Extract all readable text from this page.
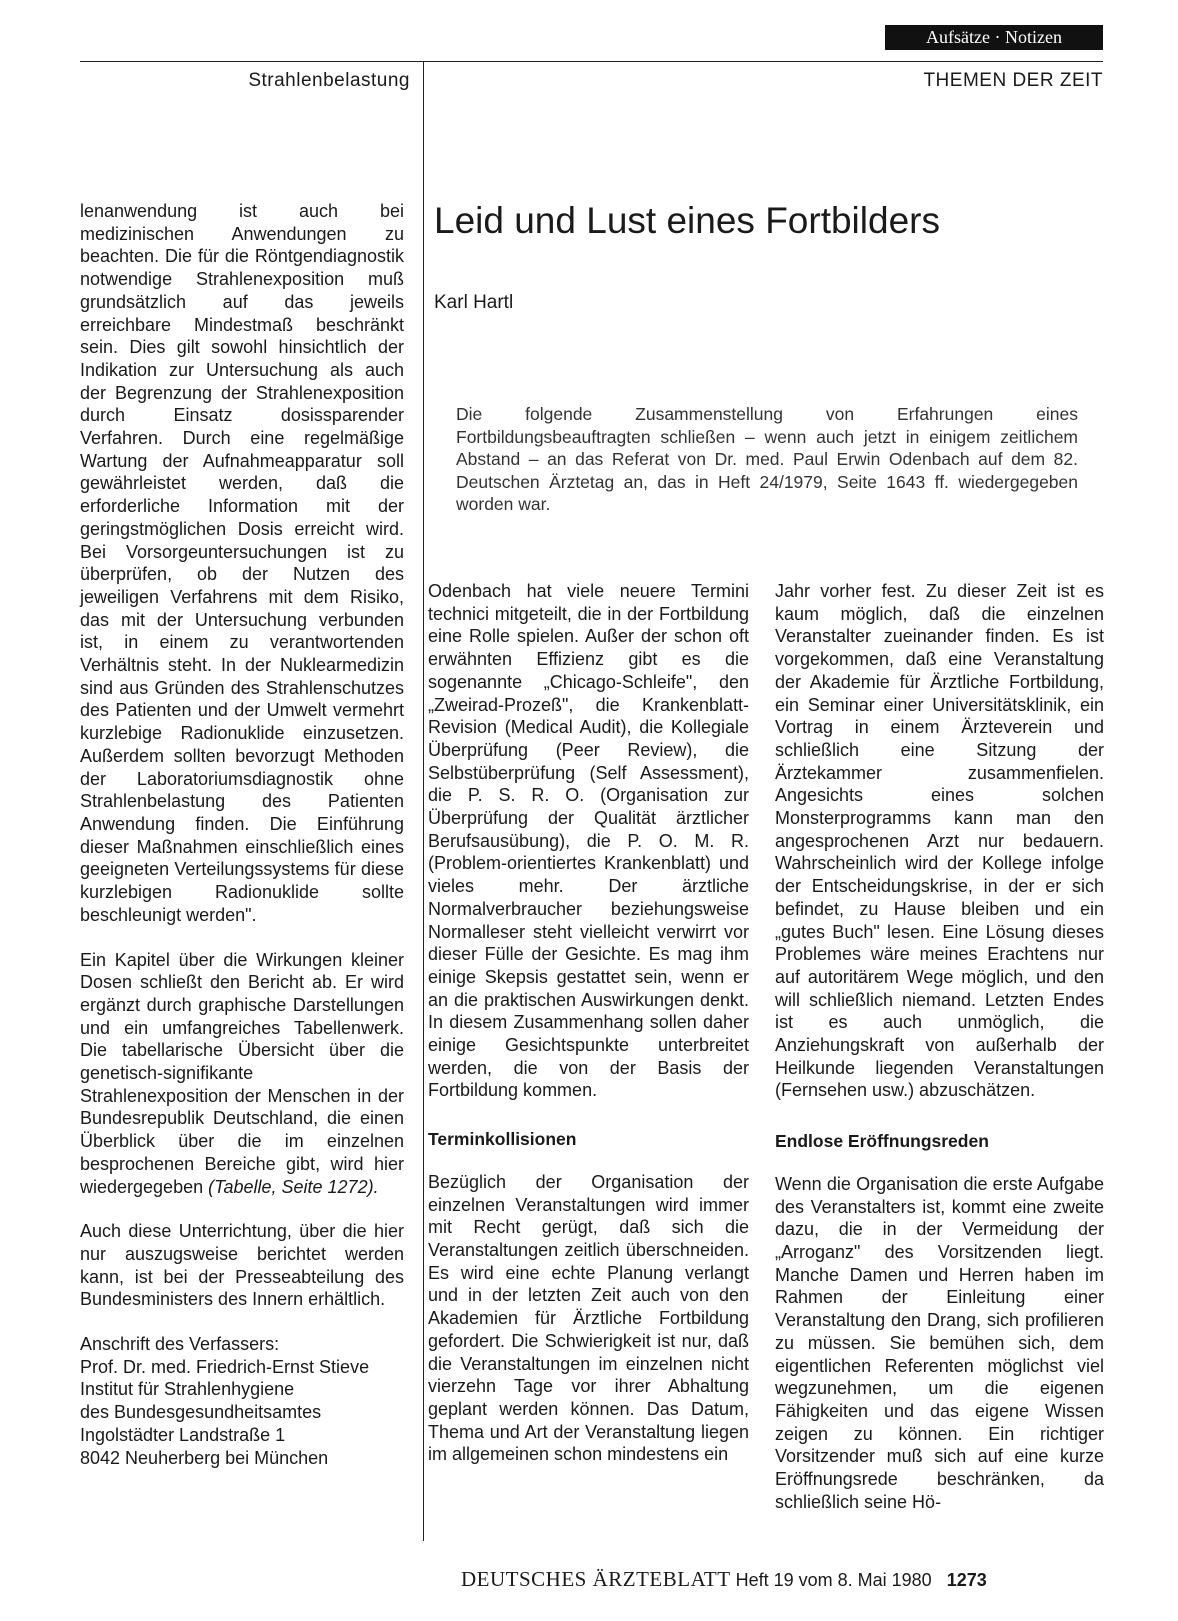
Aufsätze · Notizen
Strahlenbelastung	THEMEN DER ZEIT

lenanwendung ist auch bei medizinischen Anwendungen zu beachten. Die für die Röntgendiagnostik notwendige Strahlenexposition muß grundsätzlich auf das jeweils erreichbare Mindestmaß beschränkt sein. Dies gilt sowohl hinsichtlich der Indikation zur Untersuchung als auch der Begrenzung der Strahlenexposition durch Einsatz dosissparender Verfahren. Durch eine regelmäßige Wartung der Aufnahmeapparatur soll gewährleistet werden, daß die erforderliche Information mit der geringstmöglichen Dosis erreicht wird. Bei Vorsorgeuntersuchungen ist zu überprüfen, ob der Nutzen des jeweiligen Verfahrens mit dem Risiko, das mit der Untersuchung verbunden ist, in einem zu verantwortenden Verhältnis steht. In der Nuklearmedizin sind aus Gründen des Strahlenschutzes des Patienten und der Umwelt vermehrt kurzlebige Radionuklide einzusetzen. Außerdem sollten bevorzugt Methoden der Laboratoriumsdiagnostik ohne Strahlenbelastung des Patienten Anwendung finden. Die Einführung dieser Maßnahmen einschließlich eines geeigneten Verteilungssystems für diese kurzlebigen Radionuklide sollte beschleunigt werden".

Ein Kapitel über die Wirkungen kleiner Dosen schließt den Bericht ab. Er wird ergänzt durch graphische Darstellungen und ein umfangreiches Tabellenwerk. Die tabellarische Übersicht über die genetisch-signifikante Strahlenexposition der Menschen in der Bundesrepublik Deutschland, die einen Überblick über die im einzelnen besprochenen Bereiche gibt, wird hier wiedergegeben (Tabelle, Seite 1272).

Auch diese Unterrichtung, über die hier nur auszugsweise berichtet werden kann, ist bei der Presseabteilung des Bundesministers des Innern erhältlich.

Anschrift des Verfassers:
Prof. Dr. med. Friedrich-Ernst Stieve
Institut für Strahlenhygiene
des Bundesgesundheitsamtes
Ingolstädter Landstraße 1
8042 Neuherberg bei München
Leid und Lust eines Fortbilders
Karl Hartl
Die folgende Zusammenstellung von Erfahrungen eines Fortbildungsbeauftragten schließen – wenn auch jetzt in einigem zeitlichem Abstand – an das Referat von Dr. med. Paul Erwin Odenbach auf dem 82. Deutschen Ärztetag an, das in Heft 24/1979, Seite 1643 ff. wiedergegeben worden war.

Odenbach hat viele neuere Termini technici mitgeteilt, die in der Fortbildung eine Rolle spielen. Außer der schon oft erwähnten Effizienz gibt es die sogenannte „Chicago-Schleife", den „Zweirad-Prozeß", die Krankenblatt-Revision (Medical Audit), die Kollegiale Überprüfung (Peer Review), die Selbstüberprüfung (Self Assessment), die P. S. R. O. (Organisation zur Überprüfung der Qualität ärztlicher Berufsausübung), die P. O. M. R. (Problem-orientiertes Krankenblatt) und vieles mehr. Der ärztliche Normalverbraucher beziehungsweise Normalleser steht vielleicht verwirrt vor dieser Fülle der Gesichte. Es mag ihm einige Skepsis gestattet sein, wenn er an die praktischen Auswirkungen denkt. In diesem Zusammenhang sollen daher einige Gesichtspunkte unterbreitet werden, die von der Basis der Fortbildung kommen.

Terminkollisionen

Bezüglich der Organisation der einzelnen Veranstaltungen wird immer mit Recht gerügt, daß sich die Veranstaltungen zeitlich überschneiden. Es wird eine echte Planung verlangt und in der letzten Zeit auch von den Akademien für Ärztliche Fortbildung gefordert. Die Schwierigkeit ist nur, daß die Veranstaltungen im einzelnen nicht vierzehn Tage vor ihrer Abhaltung geplant werden können. Das Datum, Thema und Art der Veranstaltung liegen im allgemeinen schon mindestens ein

Jahr vorher fest. Zu dieser Zeit ist es kaum möglich, daß die einzelnen Veranstalter zueinander finden. Es ist vorgekommen, daß eine Veranstaltung der Akademie für Ärztliche Fortbildung, ein Seminar einer Universitätsklinik, ein Vortrag in einem Ärzteverein und schließlich eine Sitzung der Ärztekammer zusammenfielen. Angesichts eines solchen Monsterprogramms kann man den angesprochenen Arzt nur bedauern. Wahrscheinlich wird der Kollege infolge der Entscheidungskrise, in der er sich befindet, zu Hause bleiben und ein „gutes Buch" lesen. Eine Lösung dieses Problemes wäre meines Erachtens nur auf autoritärem Wege möglich, und den will schließlich niemand. Letzten Endes ist es auch unmöglich, die Anziehungskraft von außerhalb der Heilkunde liegenden Veranstaltungen (Fernsehen usw.) abzuschätzen.

Endlose Eröffnungsreden

Wenn die Organisation die erste Aufgabe des Veranstalters ist, kommt eine zweite dazu, die in der Vermeidung der „Arroganz" des Vorsitzenden liegt. Manche Damen und Herren haben im Rahmen der Einleitung einer Veranstaltung den Drang, sich profilieren zu müssen. Sie bemühen sich, dem eigentlichen Referenten möglichst viel wegzunehmen, um die eigenen Fähigkeiten und das eigene Wissen zeigen zu können. Ein richtiger Vorsitzender muß sich auf eine kurze Eröffnungsrede beschränken, da schließlich seine Hö-

DEUTSCHES ÄRZTEBLATT Heft 19 vom 8. Mai 1980 1273
